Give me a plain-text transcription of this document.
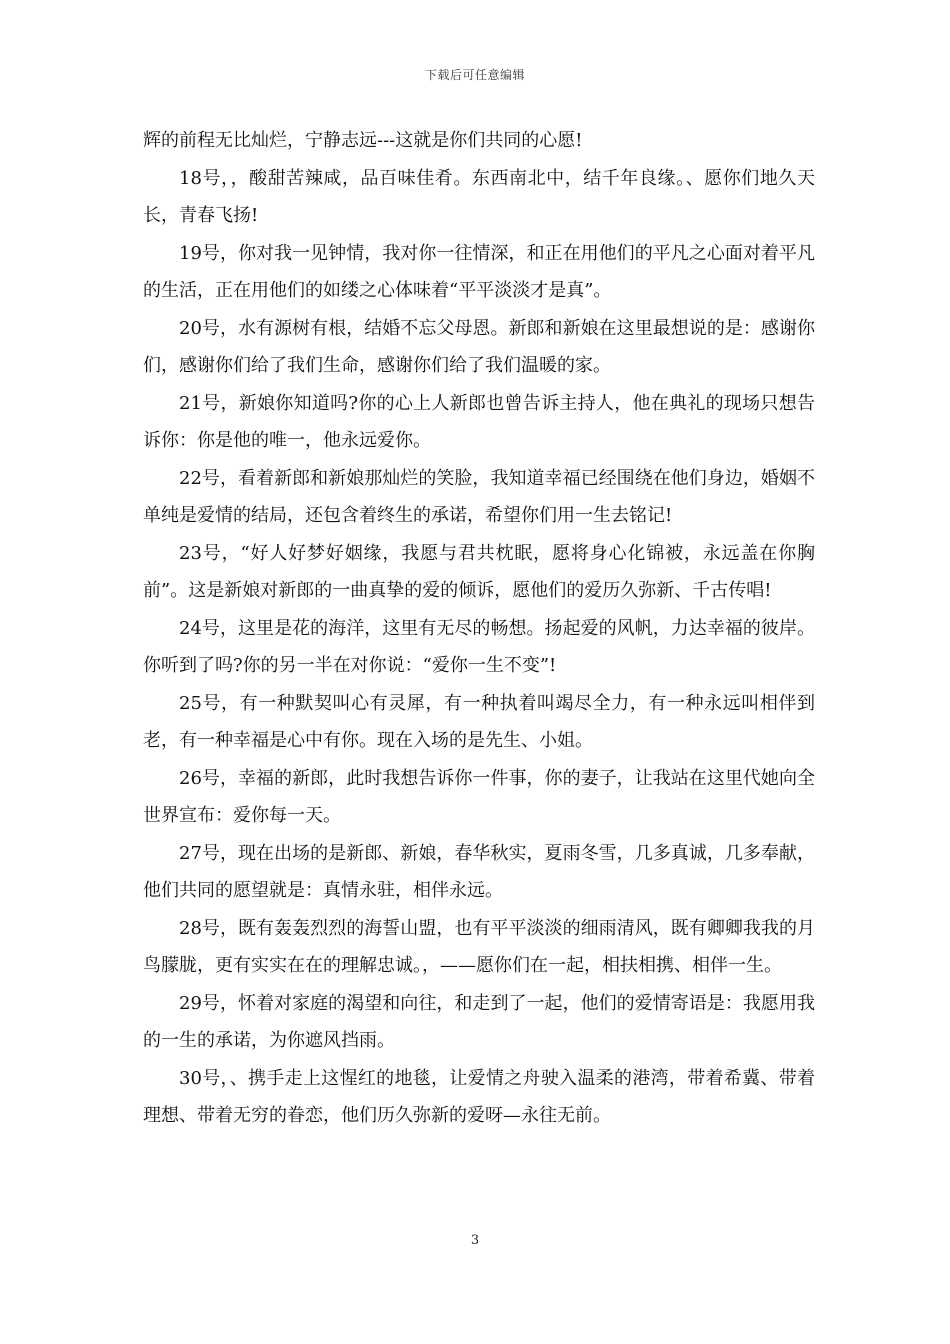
下载后可任意编辑

辉的前程无比灿烂，宁静志远---这就是你们共同的心愿!

18号，，酸甜苦辣咸，品百味佳肴。东西南北中，结千年良缘。、愿你们地久天长，青春飞扬!

19号，你对我一见钟情，我对你一往情深，和正在用他们的平凡之心面对着平凡的生活，正在用他们的如缕之心体味着“平平淡淡才是真”。

20号，水有源树有根，结婚不忘父母恩。新郎和新娘在这里最想说的是：感谢你们，感谢你们给了我们生命，感谢你们给了我们温暖的家。

21号，新娘你知道吗?你的心上人新郎也曾告诉主持人，他在典礼的现场只想告诉你：你是他的唯一，他永远爱你。

22号，看着新郎和新娘那灿烂的笑脸，我知道幸福已经围绕在他们身边，婚姻不单纯是爱情的结局，还包含着终生的承诺，希望你们用一生去铭记!

23号，“好人好梦好姻缘，我愿与君共枕眠，愿将身心化锦被，永远盖在你胸前”。这是新娘对新郎的一曲真挚的爱的倾诉，愿他们的爱历久弥新、千古传唱!

24号，这里是花的海洋，这里有无尽的畅想。扬起爱的风帆，力达幸福的彼岸。你听到了吗?你的另一半在对你说：“爱你一生不变”!

25号，有一种默契叫心有灵犀，有一种执着叫竭尽全力，有一种永远叫相伴到老，有一种幸福是心中有你。现在入场的是先生、小姐。

26号，幸福的新郎，此时我想告诉你一件事，你的妻子，让我站在这里代她向全世界宣布：爱你每一天。

27号，现在出场的是新郎、新娘，春华秋实，夏雨冬雪，几多真诚，几多奉献，他们共同的愿望就是：真情永驻，相伴永远。

28号，既有轰轰烈烈的海誓山盟，也有平平淡淡的细雨清风，既有卿卿我我的月鸟朦胧，更有实实在在的理解忠诚。，——愿你们在一起，相扶相携、相伴一生。

29号，怀着对家庭的渴望和向往，和走到了一起，他们的爱情寄语是：我愿用我的一生的承诺，为你遮风挡雨。

30号，、携手走上这惺红的地毯，让爱情之舟驶入温柔的港湾，带着希冀、带着理想、带着无穷的眷恋，他们历久弥新的爱呀—永往无前。

3
